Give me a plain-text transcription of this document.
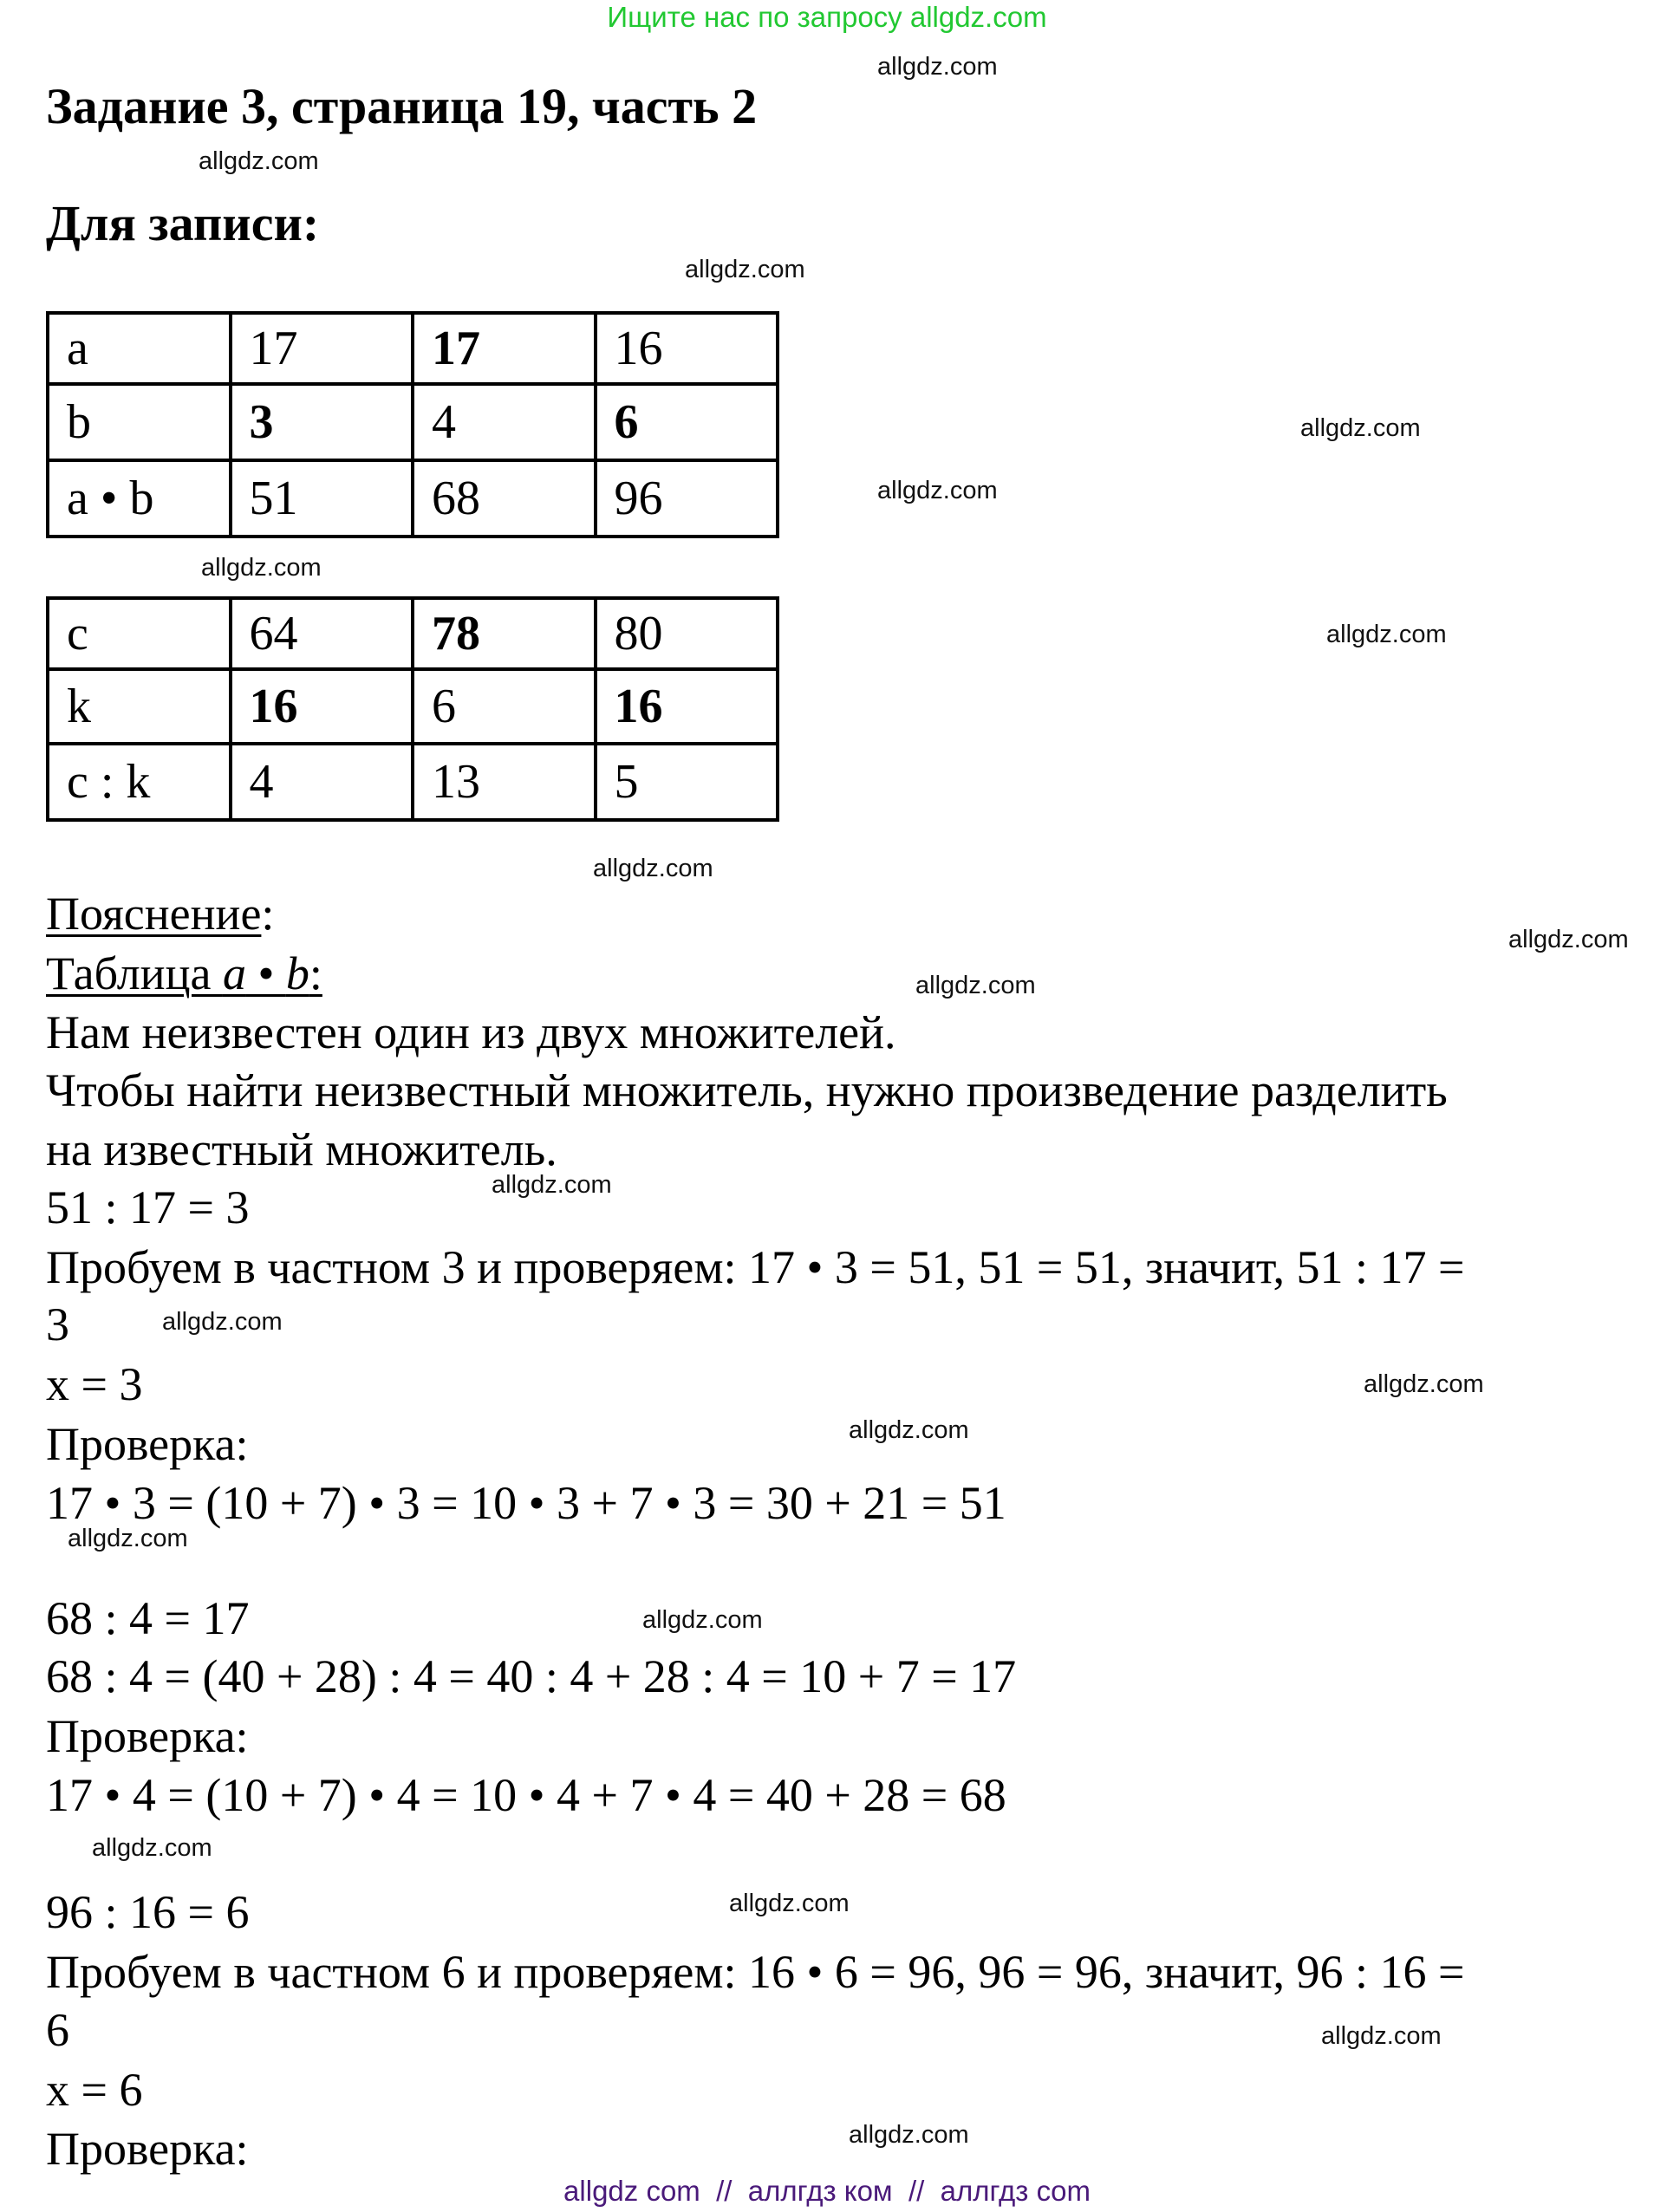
Ищите нас по запросу allgdz.com
Задание 3, страница 19, часть 2
Для записи:
a	17	17	16
b	3	4	6
a • b	51	68	96
c	64	78	80
k	16	6	16
c : k	4	13	5
Пояснение:
Таблица a • b:
Нам неизвестен один из двух множителей.
Чтобы найти неизвестный множитель, нужно произведение разделить
на известный множитель.
51 : 17 = 3
Пробуем в частном 3 и проверяем: 17 • 3 = 51, 51 = 51, значит, 51 : 17 =
3
x = 3
Проверка:
17 • 3 = (10 + 7) • 3 = 10 • 3 + 7 • 3 = 30 + 21 = 51
68 : 4 = 17
68 : 4 = (40 + 28) : 4 = 40 : 4 + 28 : 4 = 10 + 7 = 17
Проверка:
17 • 4 = (10 + 7) • 4 = 10 • 4 + 7 • 4 = 40 + 28 = 68
96 : 16 = 6
Пробуем в частном 6 и проверяем: 16 • 6 = 96, 96 = 96, значит, 96 : 16 =
6
x = 6
Проверка:
allgdz.com
allgdz.com
allgdz.com
allgdz.com
allgdz.com
allgdz.com
allgdz.com
allgdz.com
allgdz.com
allgdz.com
allgdz.com
allgdz.com
allgdz.com
allgdz.com
allgdz.com
allgdz.com
allgdz.com
allgdz.com
allgdz.com
allgdz.com
allgdz com  //  аллгдз ком  //  аллгдз com
